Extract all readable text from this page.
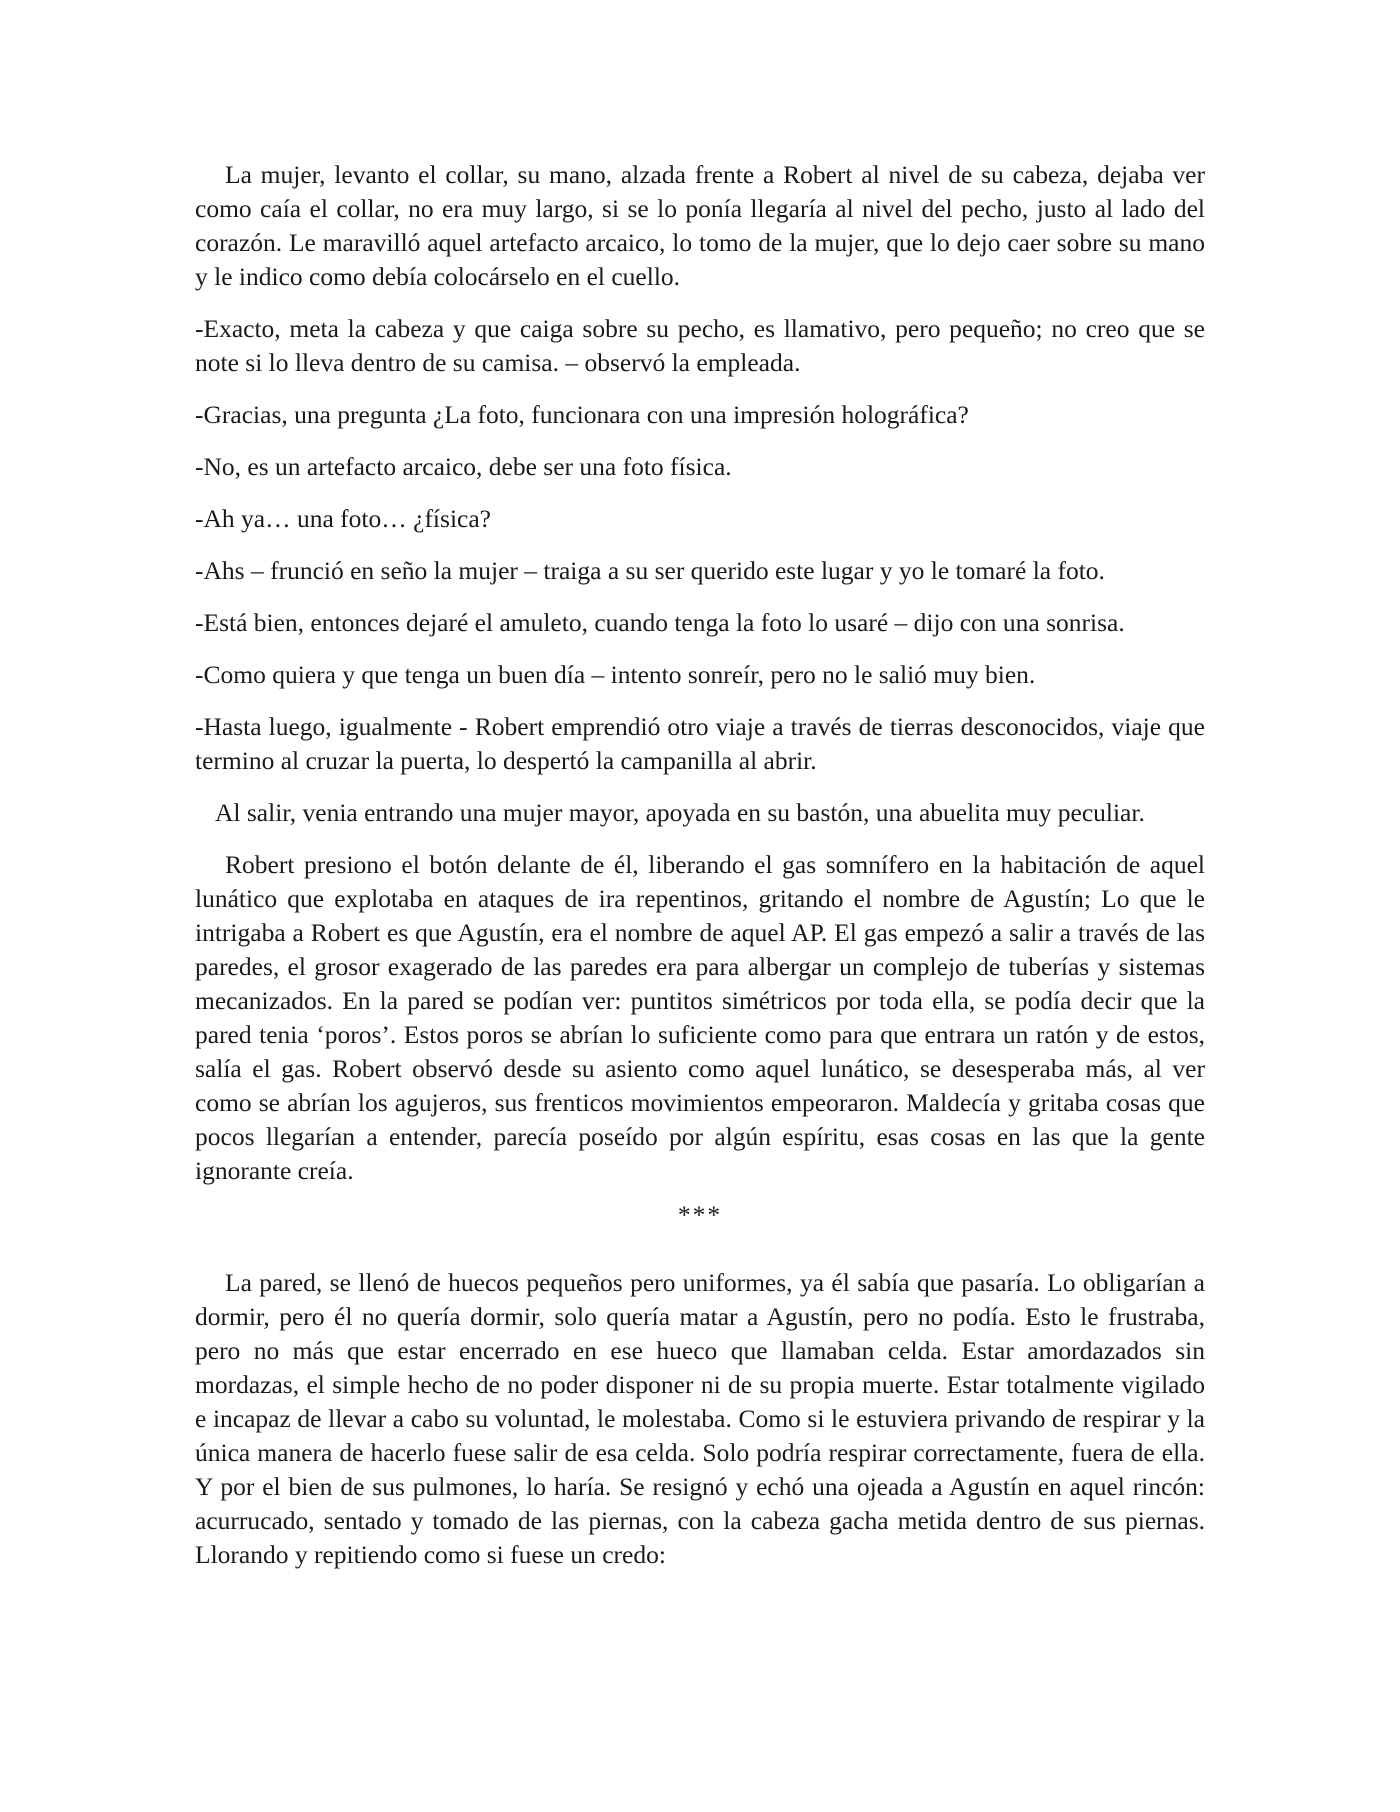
La mujer, levanto el collar, su mano, alzada frente a Robert al nivel de su cabeza, dejaba ver como caía el collar, no era muy largo, si se lo ponía llegaría al nivel del pecho, justo al lado del corazón. Le maravilló aquel artefacto arcaico, lo tomo de la mujer, que lo dejo caer sobre su mano y le indico como debía colocárselo en el cuello.

-Exacto, meta la cabeza y que caiga sobre su pecho, es llamativo, pero pequeño; no creo que se note si lo lleva dentro de su camisa. – observó la empleada.

-Gracias, una pregunta ¿La foto, funcionara con una impresión holográfica?

-No, es un artefacto arcaico, debe ser una foto física.

-Ah ya… una foto… ¿física?

-Ahs – frunció en seño la mujer – traiga a su ser querido este lugar y yo le tomaré la foto.

-Está bien, entonces dejaré el amuleto, cuando tenga la foto lo usaré – dijo con una sonrisa.

-Como quiera y que tenga un buen día – intento sonreír, pero no le salió muy bien.

-Hasta luego, igualmente - Robert emprendió otro viaje a través de tierras desconocidos, viaje que termino al cruzar la puerta, lo despertó la campanilla al abrir.

Al salir, venia entrando una mujer mayor, apoyada en su bastón, una abuelita muy peculiar.

Robert presiono el botón delante de él, liberando el gas somnífero en la habitación de aquel lunático que explotaba en ataques de ira repentinos, gritando el nombre de Agustín; Lo que le intrigaba a Robert es que Agustín, era el nombre de aquel AP. El gas empezó a salir a través de las paredes, el grosor exagerado de las paredes era para albergar un complejo de tuberías y sistemas mecanizados. En la pared se podían ver: puntitos simétricos por toda ella, se podía decir que la pared tenia ‘poros’. Estos poros se abrían lo suficiente como para que entrara un ratón y de estos, salía el gas. Robert observó desde su asiento como aquel lunático, se desesperaba más, al ver como se abrían los agujeros, sus frenticos movimientos empeoraron. Maldecía y gritaba cosas que pocos llegarían a entender, parecía poseído por algún espíritu, esas cosas en las que la gente ignorante creía.

***

La pared, se llenó de huecos pequeños pero uniformes, ya él sabía que pasaría. Lo obligarían a dormir, pero él no quería dormir, solo quería matar a Agustín, pero no podía. Esto le frustraba, pero no más que estar encerrado en ese hueco que llamaban celda. Estar amordazados sin mordazas, el simple hecho de no poder disponer ni de su propia muerte. Estar totalmente vigilado e incapaz de llevar a cabo su voluntad, le molestaba. Como si le estuviera privando de respirar y la única manera de hacerlo fuese salir de esa celda. Solo podría respirar correctamente, fuera de ella. Y por el bien de sus pulmones, lo haría. Se resignó y echó una ojeada a Agustín en aquel rincón: acurrucado, sentado y tomado de las piernas, con la cabeza gacha metida dentro de sus piernas. Llorando y repitiendo como si fuese un credo:
